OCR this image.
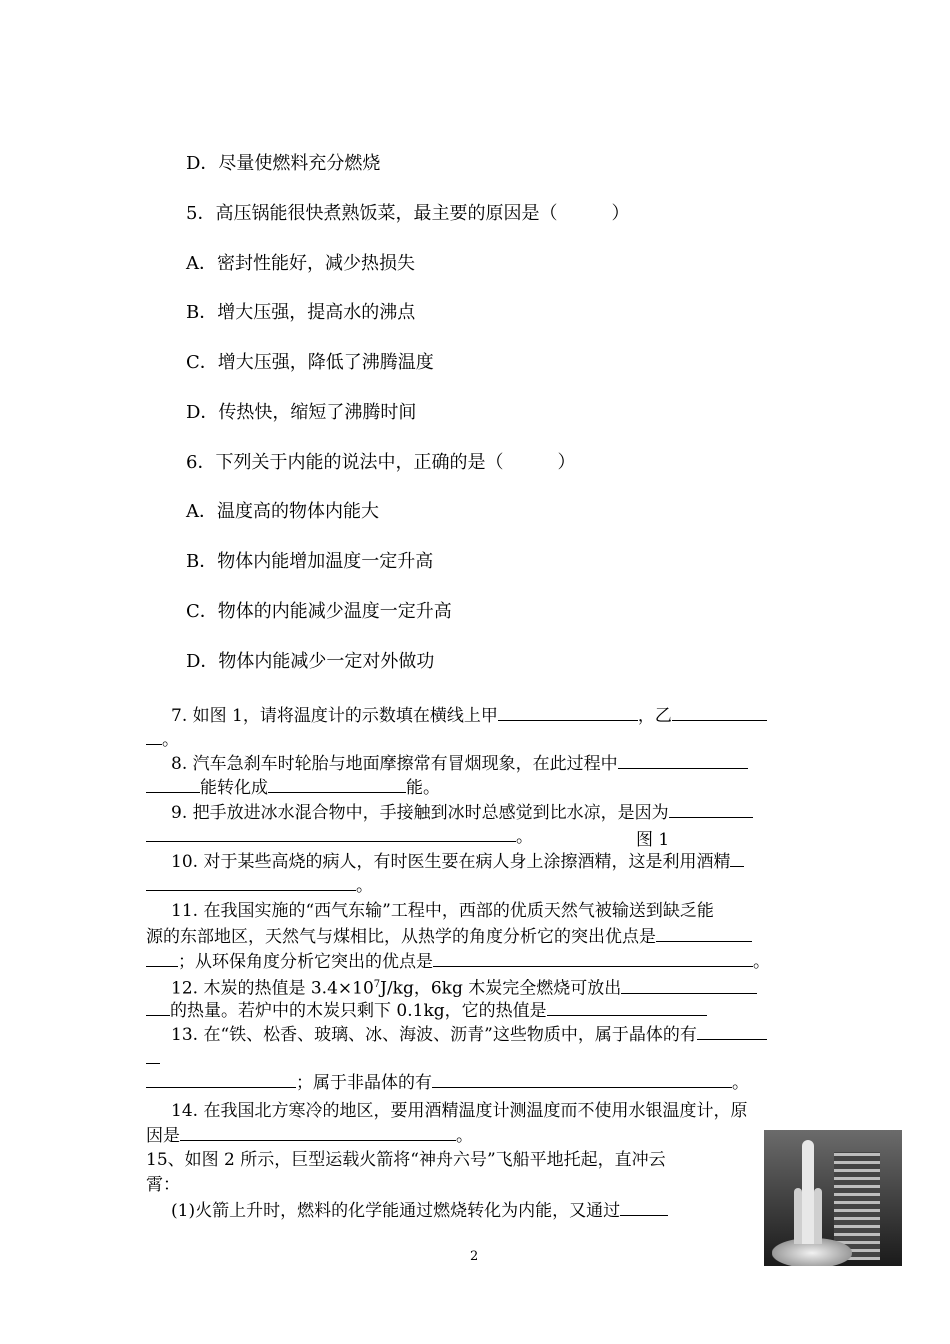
D．尽量使燃料充分燃烧
5．高压锅能很快煮熟饭菜，最主要的原因是（　　　）
A．密封性能好，减少热损失
B．增大压强，提高水的沸点
C．增大压强，降低了沸腾温度
D．传热快，缩短了沸腾时间
6．下列关于内能的说法中，正确的是（　　　）
A．温度高的物体内能大
B．物体内能增加温度一定升高
C．物体的内能减少温度一定升高
D．物体内能减少一定对外做功
7. 如图 1，请将温度计的示数填在横线上甲	，乙
。
8. 汽车急刹车时轮胎与地面摩擦常有冒烟现象，在此过程中
能转化成	能。
9. 把手放进冰水混合物中，手接触到冰时总感觉到比水凉，是因为
。	图 1
10. 对于某些高烧的病人，有时医生要在病人身上涂擦酒精，这是利用酒精
。
11. 在我国实施的“西气东输”工程中，西部的优质天然气被输送到缺乏能
源的东部地区，天然气与煤相比，从热学的角度分析它的突出优点是
；从环保角度分析它突出的优点是	。
12. 木炭的热值是 $3.4\times 10^7J/kg$，6kg 木炭完全燃烧可放出
的热量。若炉中的木炭只剩下 0.1kg，它的热值是
13. 在“铁、松香、玻璃、冰、海波、沥青”这些物质中，属于晶体的有
；属于非晶体的有	。
14. 在我国北方寒冷的地区，要用酒精温度计测温度而不使用水银温度计，原
因是	。
15、如图 2 所示，巨型运载火箭将“神舟六号”飞船平地托起，直冲云
霄：
(1)火箭上升时，燃料的化学能通过燃烧转化为内能，又通过
2
